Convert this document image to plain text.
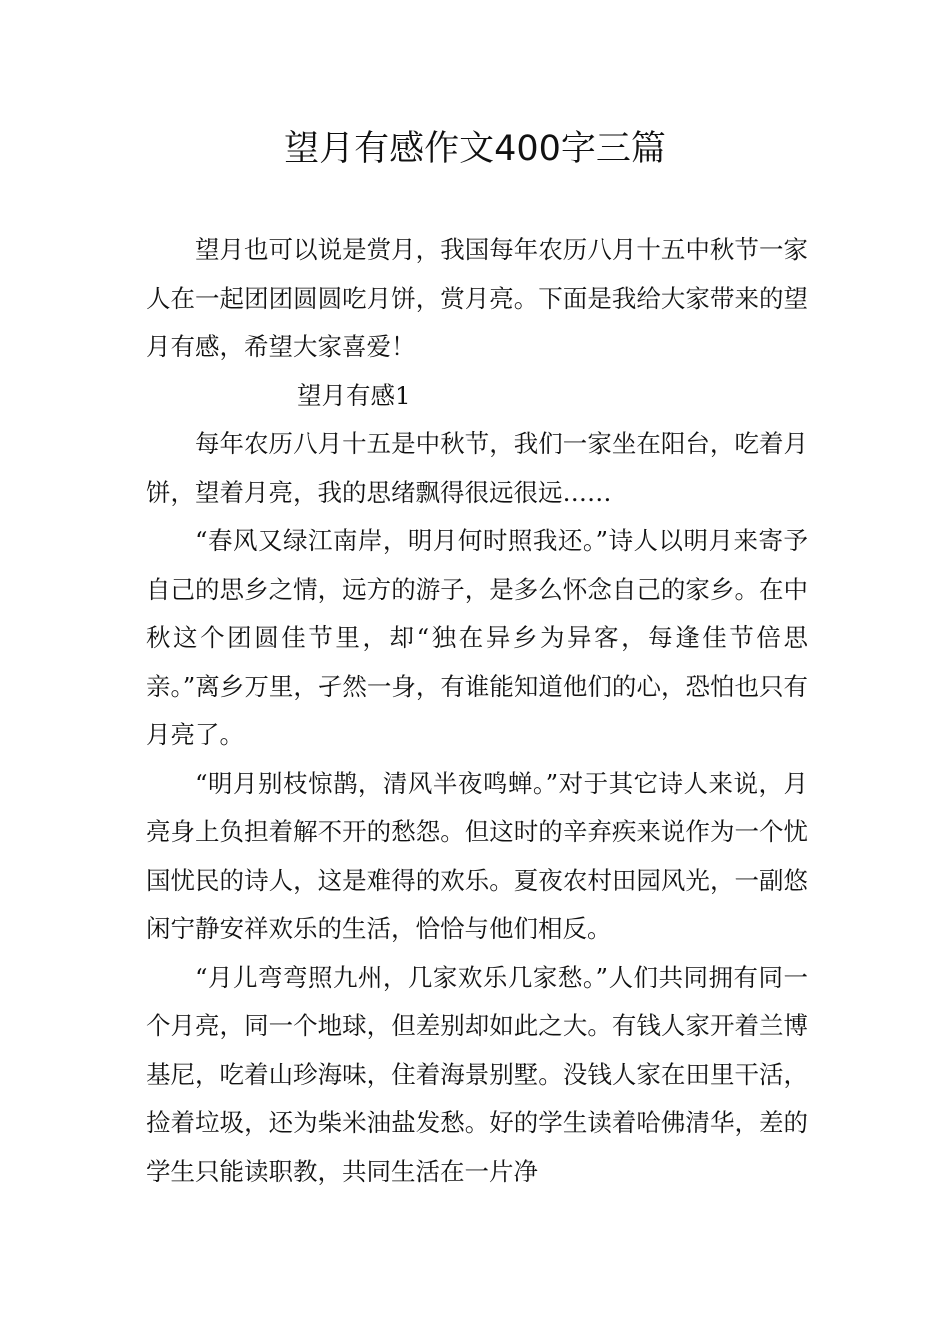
望月有感作文400字三篇

望月也可以说是赏月，我国每年农历八月十五中秋节一家人在一起团团圆圆吃月饼，赏月亮。下面是我给大家带来的望月有感，希望大家喜爱！

望月有感1

每年农历八月十五是中秋节，我们一家坐在阳台，吃着月饼，望着月亮，我的思绪飘得很远很远……

“春风又绿江南岸，明月何时照我还。”诗人以明月来寄予自己的思乡之情，远方的游子，是多么怀念自己的家乡。在中秋这个团圆佳节里，却“独在异乡为异客，每逢佳节倍思亲。”离乡万里，孑然一身，有谁能知道他们的心，恐怕也只有月亮了。

“明月别枝惊鹊，清风半夜鸣蝉。”对于其它诗人来说，月亮身上负担着解不开的愁怨。但这时的辛弃疾来说作为一个忧国忧民的诗人，这是难得的欢乐。夏夜农村田园风光，一副悠闲宁静安祥欢乐的生活，恰恰与他们相反。

“月儿弯弯照九州，几家欢乐几家愁。”人们共同拥有同一个月亮，同一个地球，但差别却如此之大。有钱人家开着兰博基尼，吃着山珍海味，住着海景别墅。没钱人家在田里干活，捡着垃圾，还为柴米油盐发愁。好的学生读着哈佛清华，差的学生只能读职教，共同生活在一片净
